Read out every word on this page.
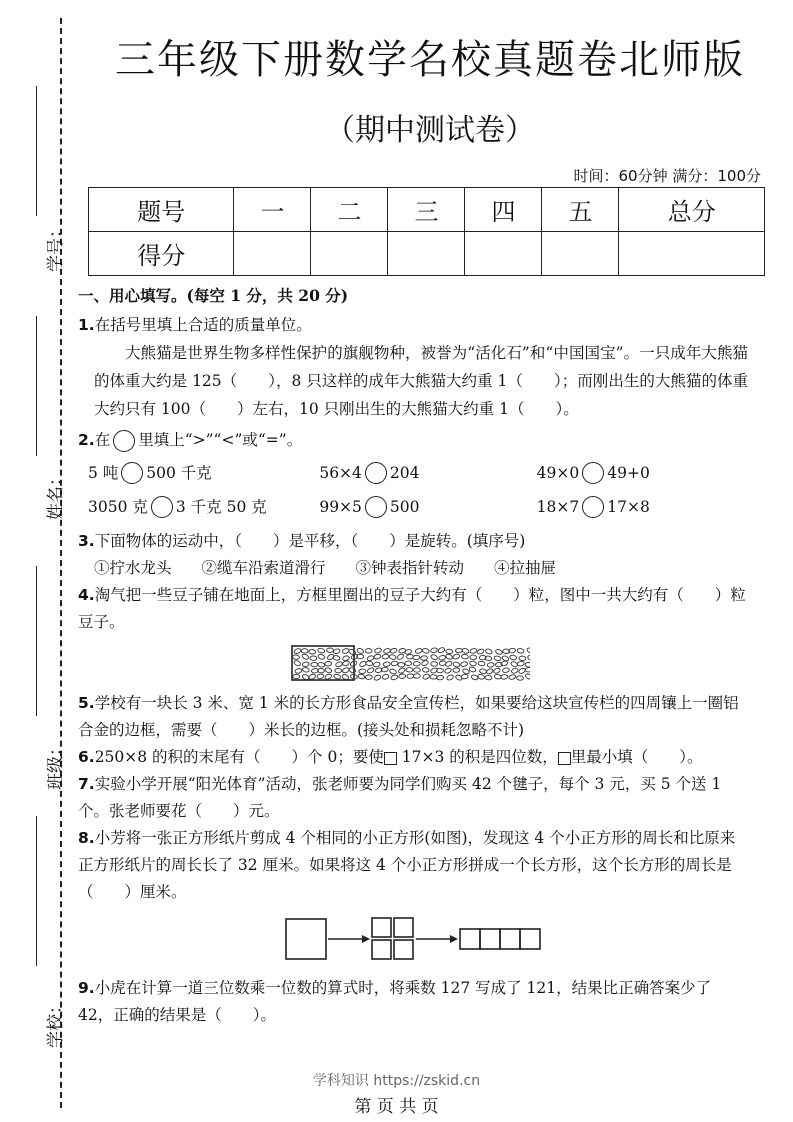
学号：
姓名：
班级：
学校：
三年级下册数学名校真题卷北师版
（期中测试卷）
时间：60分钟 满分：100分
题号	一	二	三	四	五	总分
得分						

一、用心填写。(每空 1 分，共 20 分)

1.在括号里填上合适的质量单位。

大熊猫是世界生物多样性保护的旗舰物种，被誉为“活化石”和“中国国宝”。一只成年大熊猫的体重大约是 125（　　），8 只这样的成年大熊猫大约重 1（　　）；而刚出生的大熊猫的体重大约只有 100（　　）左右，10 只刚出生的大熊猫大约重 1（　　）。

2.在 里填上“>”“<”或“=”。

5 吨 500 千克	56×4 204	49×0 49+0
3050 克 3 千克 50 克	99×5 500	18×7 17×8

3.下面物体的运动中，（　　）是平移，（　　）是旋转。(填序号)

①拧水龙头 ②缆车沿索道滑行 ③钟表指针转动 ④拉抽屉

4.淘气把一些豆子铺在地面上，方框里圈出的豆子大约有（　　）粒，图中一共大约有（　　）粒豆子。

5.学校有一块长 3 米、宽 1 米的长方形食品安全宣传栏，如果要给这块宣传栏的四周镶上一圈铝合金的边框，需要（　　）米长的边框。(接头处和损耗忽略不计)

6.250×8 的积的末尾有（　　）个 0；要使 17×3 的积是四位数， 里最小填（　　）。

7.实验小学开展“阳光体育”活动，张老师要为同学们购买 42 个毽子，每个 3 元，买 5 个送 1 个。张老师要花（　　）元。

8.小芳将一张正方形纸片剪成 4 个相同的小正方形(如图)，发现这 4 个小正方形的周长和比原来正方形纸片的周长长了 32 厘米。如果将这 4 个小正方形拼成一个长方形，这个长方形的周长是（　　）厘米。

9.小虎在计算一道三位数乘一位数的算式时，将乘数 127 写成了 121，结果比正确答案少了 42，正确的结果是（　　）。

学科知识 https://zskid.cn
第 页 共 页
